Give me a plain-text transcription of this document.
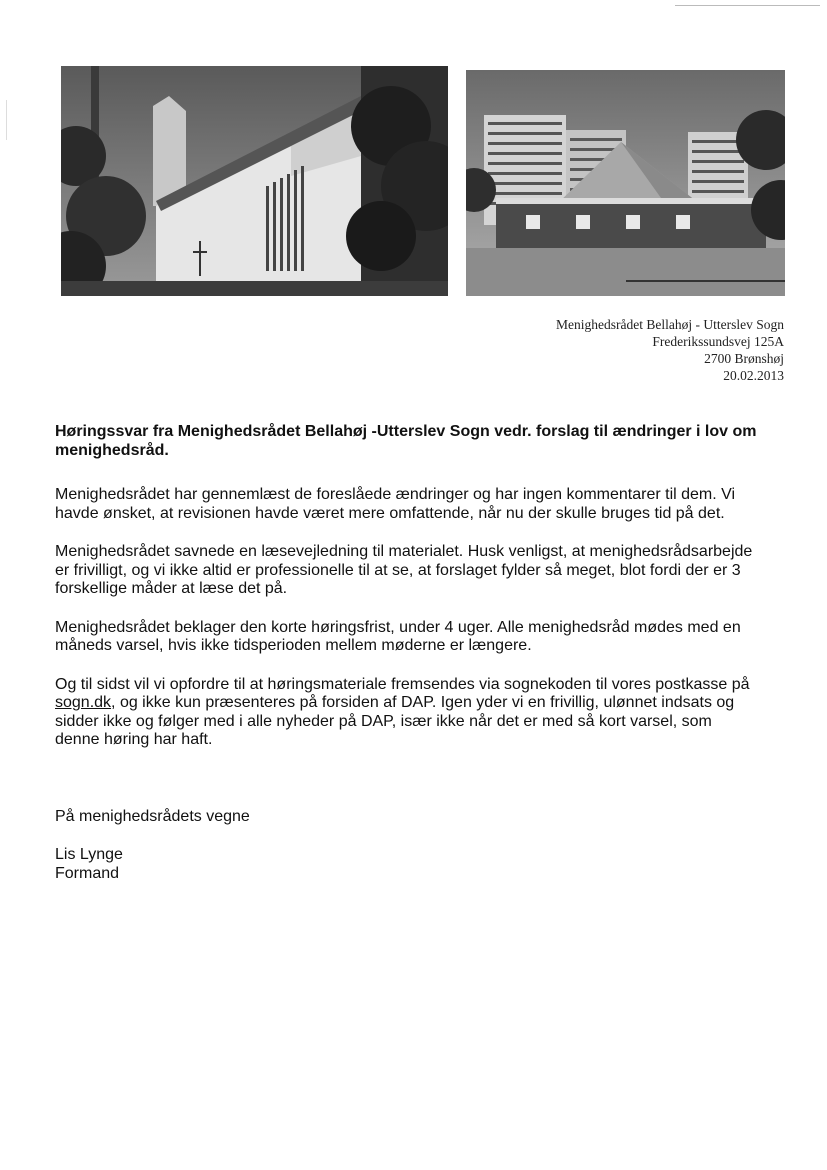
Menighedsrådet Bellahøj - Utterslev Sogn
Frederikssundsvej 125A
2700 Brønshøj
20.02.2013

Høringssvar fra Menighedsrådet Bellahøj -Utterslev Sogn vedr. forslag til ændringer i lov om menighedsråd.

Menighedsrådet har gennemlæst de foreslåede ændringer og har ingen kommentarer til dem. Vi havde ønsket, at revisionen havde været mere omfattende, når nu der skulle bruges tid på det.

Menighedsrådet savnede en læsevejledning til materialet. Husk venligst, at menighedsrådsarbejde er frivilligt, og vi ikke altid er professionelle til at se, at forslaget fylder så meget, blot fordi der er 3 forskellige måder at læse det på.

Menighedsrådet beklager den korte høringsfrist, under 4 uger. Alle menighedsråd mødes med en måneds varsel, hvis ikke tidsperioden mellem møderne er længere.

Og til sidst vil vi opfordre til at høringsmateriale fremsendes via sognekoden til vores postkasse på sogn.dk, og ikke kun præsenteres på forsiden af DAP. Igen yder vi en frivillig, ulønnet indsats og sidder ikke og følger med i alle nyheder på DAP, især ikke når det er med så kort varsel, som denne høring har haft.

På menighedsrådets vegne

Lis Lynge
Formand
